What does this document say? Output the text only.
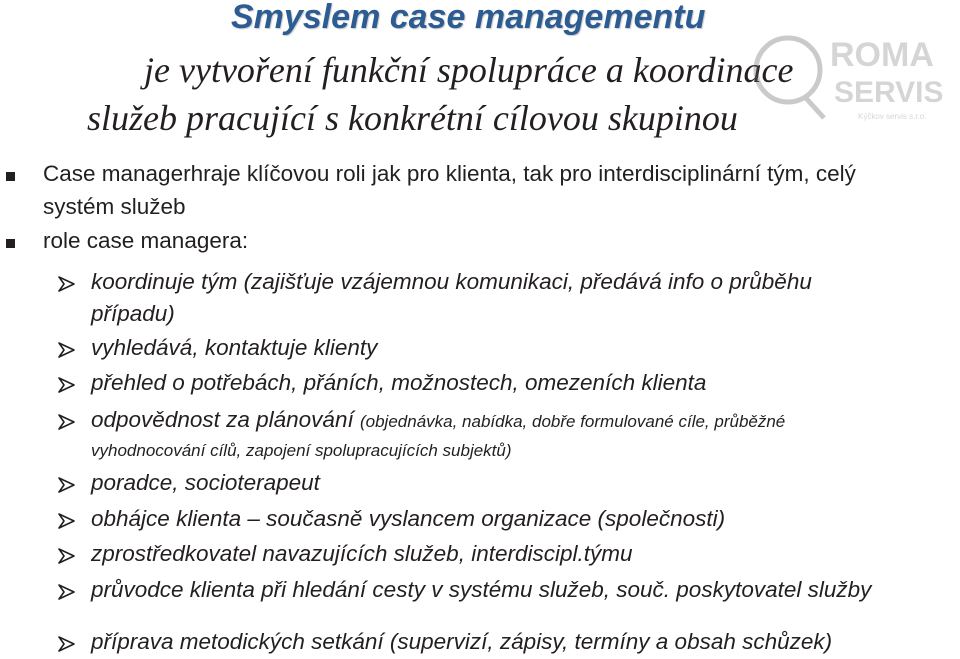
Smyslem case managementu
je vytvoření funkční spolupráce a koordinace
služeb pracující s konkrétní cílovou skupinou
ROMA
SERVIS
Kýčkov servis s.r.o.
Case managerhraje klíčovou roli jak pro klienta, tak pro interdisciplinární tým, celý
systém služeb
role case managera:
koordinuje tým (zajišťuje vzájemnou komunikaci, předává info o průběhu
případu)
vyhledává, kontaktuje klienty
přehled o potřebách, přáních, možnostech, omezeních klienta
odpovědnost za plánování (objednávka, nabídka, dobře formulované cíle, průběžné
vyhodnocování cílů, zapojení spolupracujících subjektů)
poradce, socioterapeut
obhájce klienta – současně vyslancem organizace (společnosti)
zprostředkovatel navazujících služeb, interdiscipl.týmu
průvodce klienta při hledání cesty v systému služeb, souč. poskytovatel služby
příprava metodických setkání (supervizí, zápisy, termíny a obsah schůzek)
